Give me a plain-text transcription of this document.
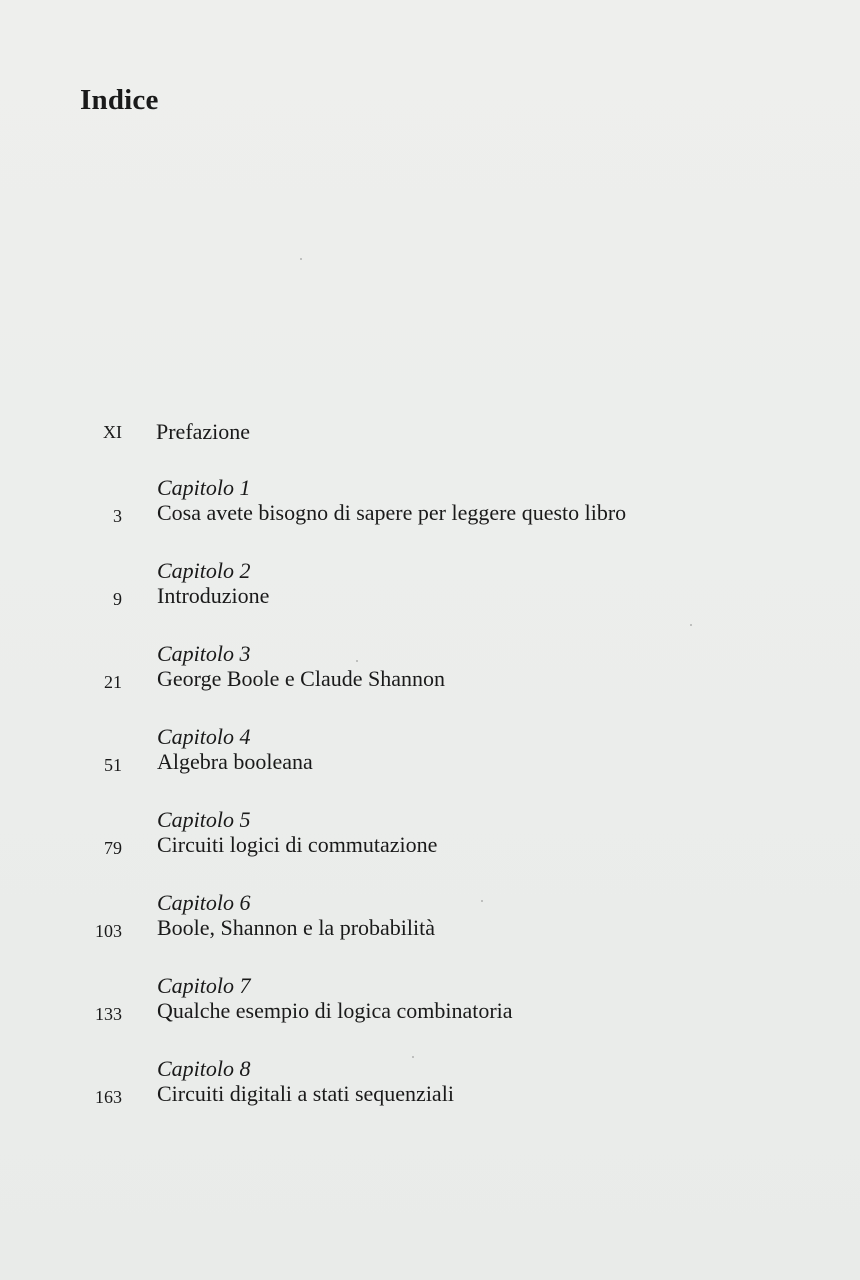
Indice
XI Prefazione
Capitolo 1
3 Cosa avete bisogno di sapere per leggere questo libro
Capitolo 2
9 Introduzione
Capitolo 3
21 George Boole e Claude Shannon
Capitolo 4
51 Algebra booleana
Capitolo 5
79 Circuiti logici di commutazione
Capitolo 6
103 Boole, Shannon e la probabilità
Capitolo 7
133 Qualche esempio di logica combinatoria
Capitolo 8
163 Circuiti digitali a stati sequenziali
